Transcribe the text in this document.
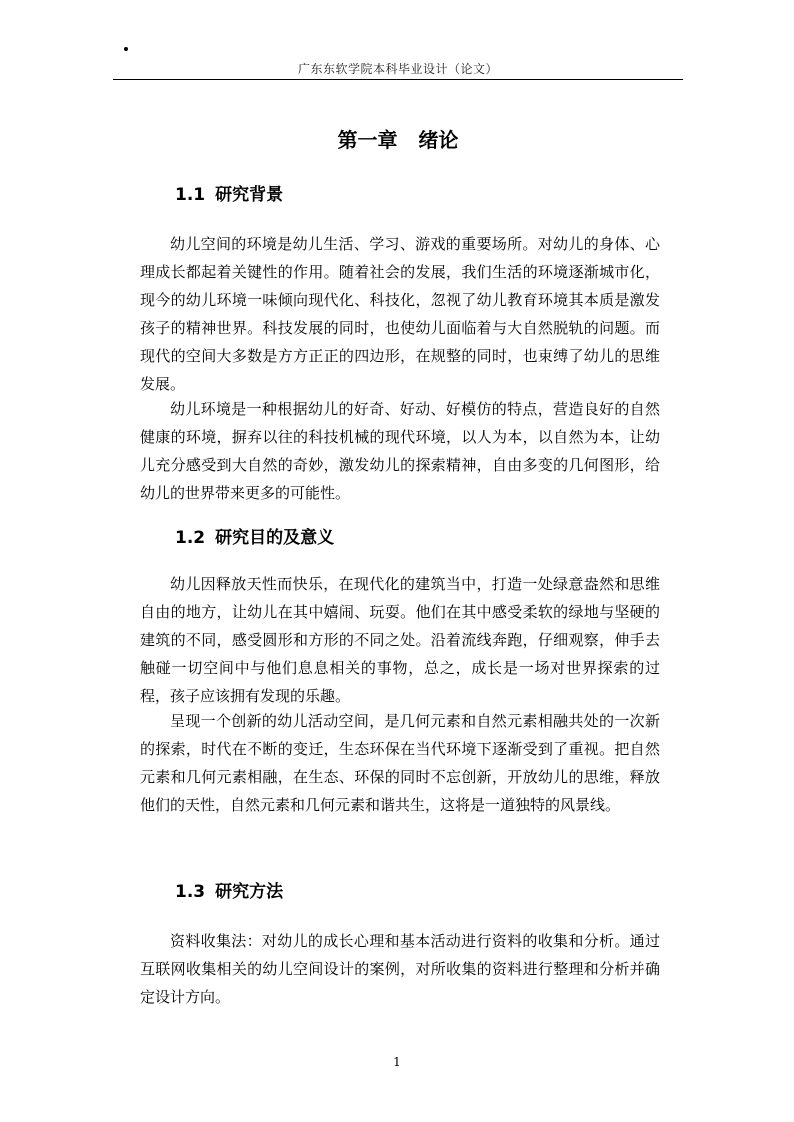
广东东软学院本科毕业设计（论文）
第一章   绪论
1.1 研究背景

幼儿空间的环境是幼儿生活、学习、游戏的重要场所。对幼儿的身体、心理成长都起着关键性的作用。随着社会的发展，我们生活的环境逐渐城市化，现今的幼儿环境一味倾向现代化、科技化，忽视了幼儿教育环境其本质是激发孩子的精神世界。科技发展的同时，也使幼儿面临着与大自然脱轨的问题。而现代的空间大多数是方方正正的四边形，在规整的同时，也束缚了幼儿的思维发展。

幼儿环境是一种根据幼儿的好奇、好动、好模仿的特点，营造良好的自然健康的环境，摒弃以往的科技机械的现代环境，以人为本，以自然为本，让幼儿充分感受到大自然的奇妙，激发幼儿的探索精神，自由多变的几何图形，给幼儿的世界带来更多的可能性。

1.2 研究目的及意义

幼儿因释放天性而快乐，在现代化的建筑当中，打造一处绿意盎然和思维自由的地方，让幼儿在其中嬉闹、玩耍。他们在其中感受柔软的绿地与坚硬的建筑的不同，感受圆形和方形的不同之处。沿着流线奔跑，仔细观察，伸手去触碰一切空间中与他们息息相关的事物，总之，成长是一场对世界探索的过程，孩子应该拥有发现的乐趣。

呈现一个创新的幼儿活动空间，是几何元素和自然元素相融共处的一次新的探索，时代在不断的变迁，生态环保在当代环境下逐渐受到了重视。把自然元素和几何元素相融，在生态、环保的同时不忘创新，开放幼儿的思维，释放他们的天性，自然元素和几何元素和谐共生，这将是一道独特的风景线。

1.3 研究方法

资料收集法：对幼儿的成长心理和基本活动进行资料的收集和分析。通过互联网收集相关的幼儿空间设计的案例，对所收集的资料进行整理和分析并确定设计方向。

1
